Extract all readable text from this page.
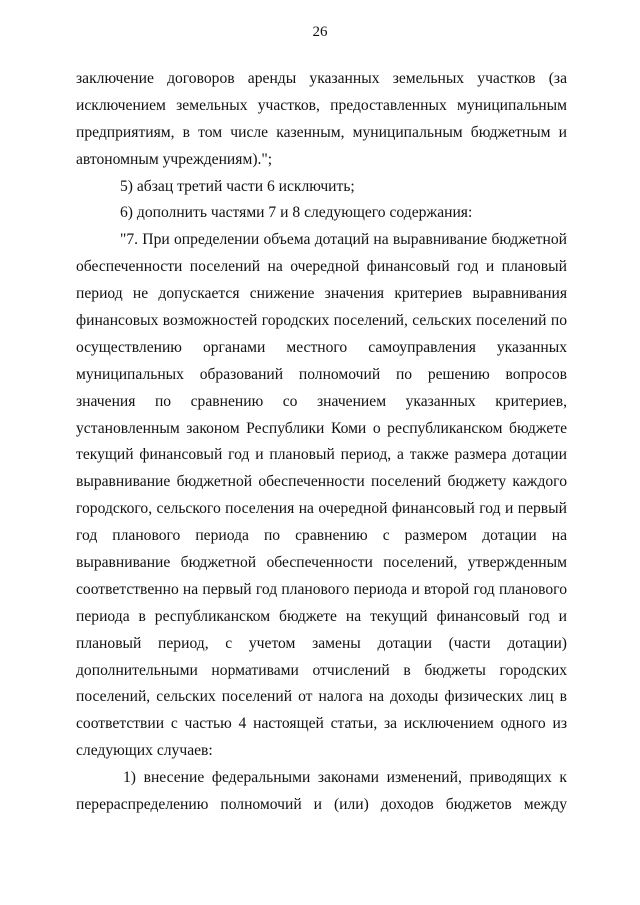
26
заключение договоров аренды указанных земельных участков (за
исключением земельных участков, предоставленных муниципальным
предприятиям, в том числе казенным, муниципальным бюджетным и
автономным учреждениям).";
5) абзац третий части 6 исключить;
6) дополнить частями 7 и 8 следующего содержания:
"7. При определении объема дотаций на выравнивание бюджетной
обеспеченности поселений на очередной финансовый год и плановый
период не допускается снижение значения критериев выравнивания
финансовых возможностей городских поселений, сельских поселений по
осуществлению органами местного самоуправления указанных
муниципальных образований полномочий по решению вопросов
значения по сравнению со значением указанных критериев,
установленным законом Республики Коми о республиканском бюджете
текущий финансовый год и плановый период, а также размера дотации
выравнивание бюджетной обеспеченности поселений бюджету каждого
городского, сельского поселения на очередной финансовый год и первый
год планового периода по сравнению с размером дотации на
выравнивание бюджетной обеспеченности поселений, утвержденным
соответственно на первый год планового периода и второй год планового
периода в республиканском бюджете на текущий финансовый год и
плановый период, с учетом замены дотации (части дотации)
дополнительными нормативами отчислений в бюджеты городских
поселений, сельских поселений от налога на доходы физических лиц в
соответствии с частью 4 настоящей статьи, за исключением одного из
следующих случаев:
1) внесение федеральными законами изменений, приводящих к
перераспределению полномочий и (или) доходов бюджетов между
